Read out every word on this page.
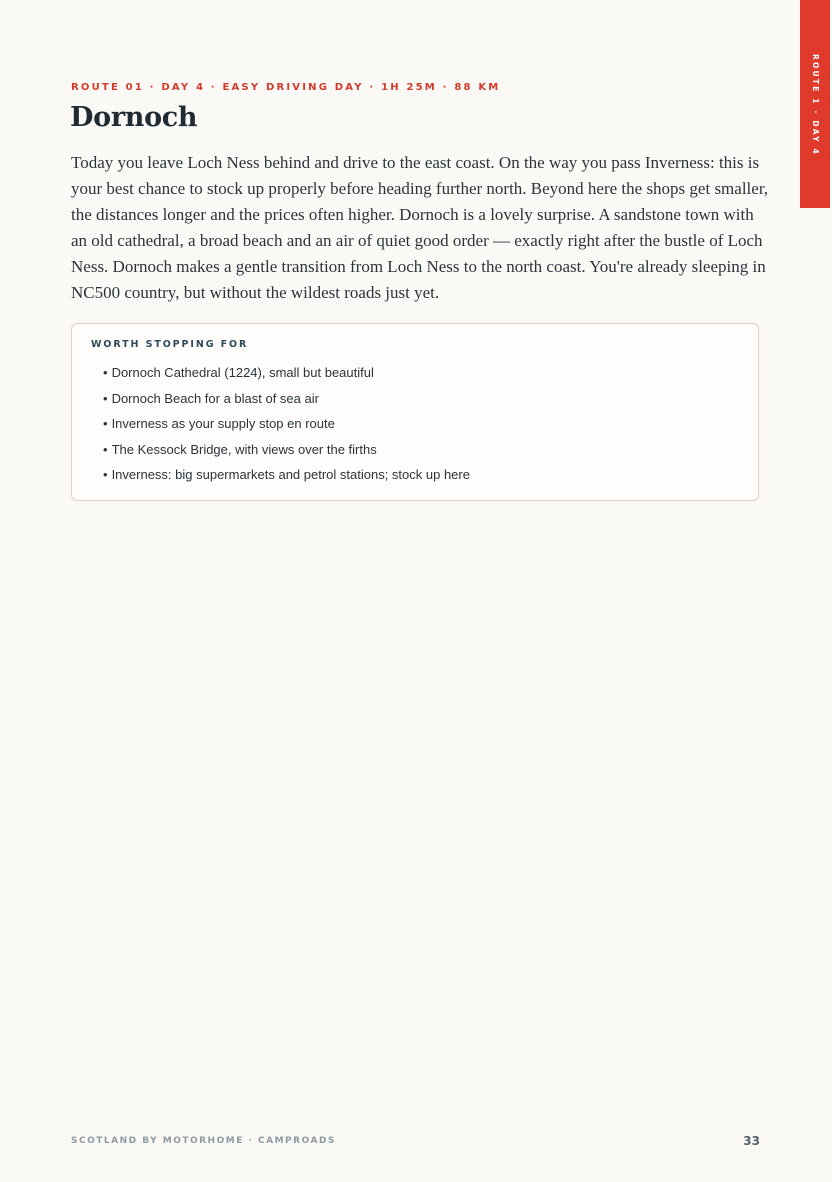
ROUTE 1 · DAY 4
ROUTE 01 · DAY 4 · EASY DRIVING DAY · 1H 25M · 88 KM
Dornoch

Today you leave Loch Ness behind and drive to the east coast. On the way you pass Inverness: this is your best chance to stock up properly before heading further north. Beyond here the shops get smaller, the distances longer and the prices often higher. Dornoch is a lovely surprise. A sandstone town with an old cathedral, a broad beach and an air of quiet good order — exactly right after the bustle of Loch Ness. Dornoch makes a gentle transition from Loch Ness to the north coast. You're already sleeping in NC500 country, but without the wildest roads just yet.

WORTH STOPPING FOR
• Dornoch Cathedral (1224), small but beautiful
• Dornoch Beach for a blast of sea air
• Inverness as your supply stop en route
• The Kessock Bridge, with views over the firths
• Inverness: big supermarkets and petrol stations; stock up here
SCOTLAND BY MOTORHOME · CAMPROADS	33
